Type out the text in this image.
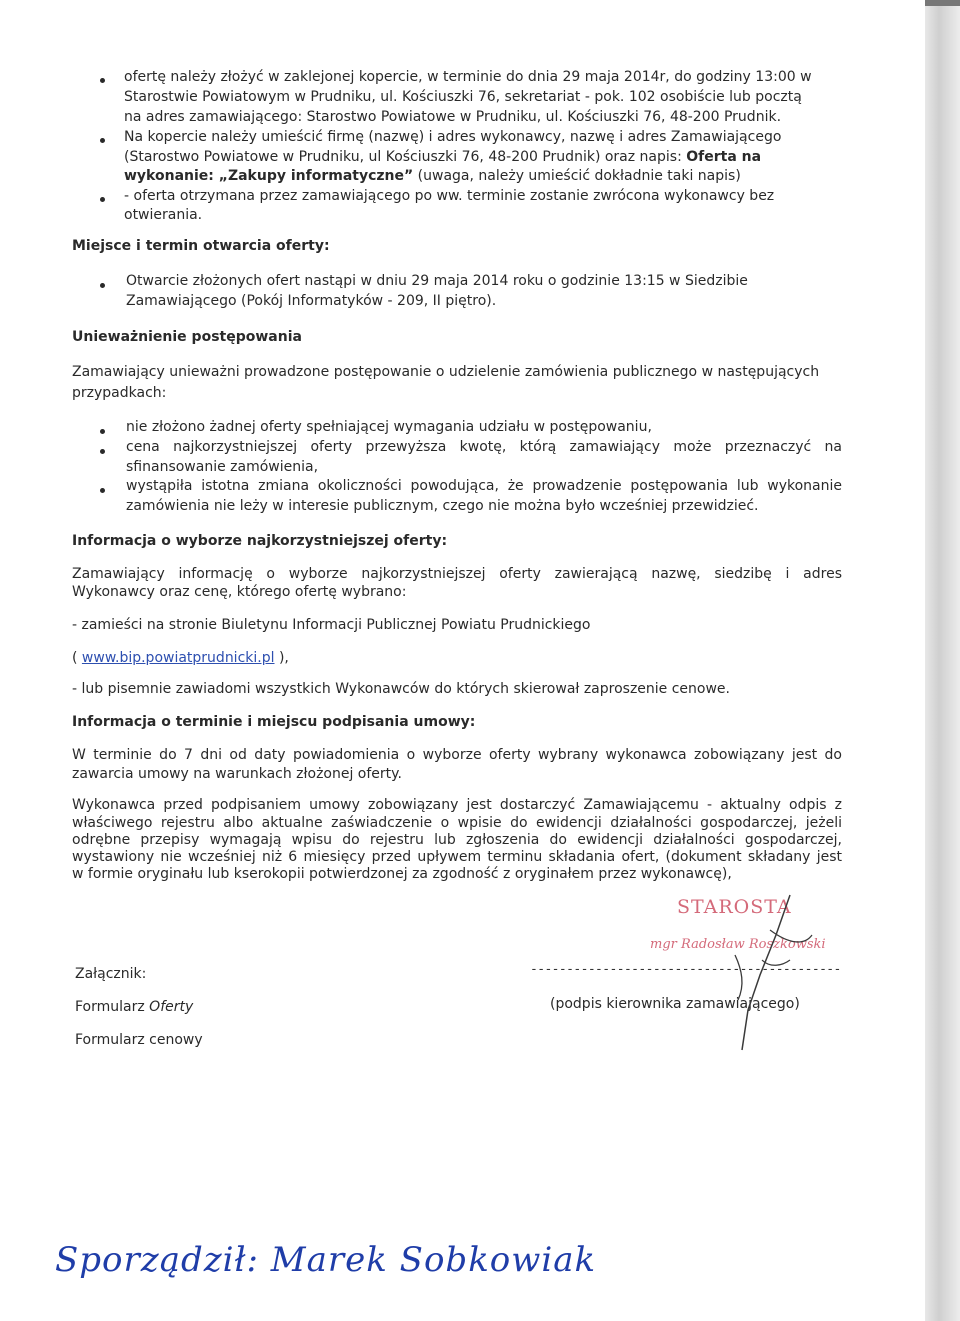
ofertę należy złożyć w zaklejonej kopercie, w terminie do dnia 29 maja 2014r, do godziny 13:00 w
Starostwie Powiatowym w Prudniku, ul. Kościuszki 76, sekretariat - pok. 102 osobiście lub pocztą
na adres zamawiającego: Starostwo Powiatowe w Prudniku, ul. Kościuszki 76, 48-200 Prudnik.
Na kopercie należy umieścić firmę (nazwę) i adres wykonawcy, nazwę i adres Zamawiającego
(Starostwo Powiatowe w Prudniku, ul Kościuszki 76, 48-200 Prudnik) oraz napis: Oferta na
wykonanie: „Zakupy informatyczne” (uwaga, należy umieścić dokładnie taki napis)
- oferta otrzymana przez zamawiającego po ww. terminie zostanie zwrócona wykonawcy bez
otwierania.
Miejsce i termin otwarcia oferty:
Otwarcie złożonych ofert nastąpi w dniu 29 maja 2014 roku o godzinie 13:15 w Siedzibie
Zamawiającego (Pokój Informatyków - 209, II piętro).
Unieważnienie postępowania
Zamawiający unieważni prowadzone postępowanie o udzielenie zamówienia publicznego w następujących
przypadkach:
nie złożono żadnej oferty spełniającej wymagania udziału w postępowaniu,
cena najkorzystniejszej oferty przewyższa kwotę, którą zamawiający może przeznaczyć na
sfinansowanie zamówienia,
wystąpiła istotna zmiana okoliczności powodująca, że prowadzenie postępowania lub wykonanie
zamówienia nie leży w interesie publicznym, czego nie można było wcześniej przewidzieć.
Informacja o wyborze najkorzystniejszej oferty:
Zamawiający informację o wyborze najkorzystniejszej oferty zawierającą nazwę, siedzibę i adres
Wykonawcy oraz cenę, którego ofertę wybrano:
- zamieści na stronie Biuletynu Informacji Publicznej Powiatu Prudnickiego
( www.bip.powiatprudnicki.pl ),
- lub pisemnie zawiadomi wszystkich Wykonawców do których skierował zaproszenie cenowe.
Informacja o terminie i miejscu podpisania umowy:
W terminie do 7 dni od daty powiadomienia o wyborze oferty wybrany wykonawca zobowiązany jest do
zawarcia umowy na warunkach złożonej oferty.
Wykonawca przed podpisaniem umowy zobowiązany jest dostarczyć Zamawiającemu - aktualny odpis z
właściwego rejestru albo aktualne zaświadczenie o wpisie do ewidencji działalności gospodarczej, jeżeli
odrębne przepisy wymagają wpisu do rejestru lub zgłoszenia do ewidencji działalności gospodarczej,
wystawiony nie wcześniej niż 6 miesięcy przed upływem terminu składania ofert, (dokument składany jest
w formie oryginału lub kserokopii potwierdzonej za zgodność z oryginałem przez wykonawcę),
STAROSTA
mgr Radosław Roszkowski
-------------------------------------------
(podpis kierownika zamawiającego)
Załącznik:
Formularz Oferty
Formularz cenowy
Sporządził: Marek Sobkowiak
